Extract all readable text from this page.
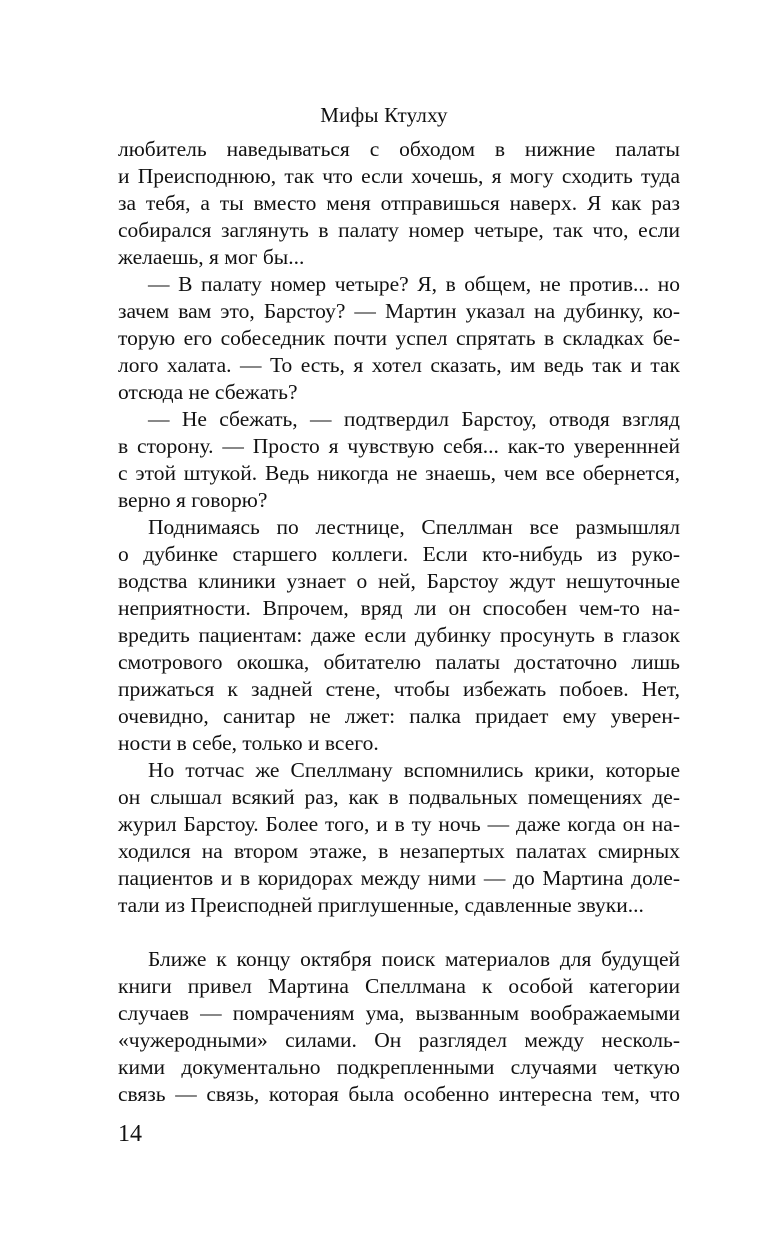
Мифы Ктулху
любитель наведываться с обходом в нижние палаты
и Преисподнюю, так что если хочешь, я могу сходить туда
за тебя, а ты вместо меня отправишься наверх. Я как раз
собирался заглянуть в палату номер четыре, так что, если
желаешь, я мог бы...
— В палату номер четыре? Я, в общем, не против... но
зачем вам это, Барстоу? — Мартин указал на дубинку, ко-
торую его собеседник почти успел спрятать в складках бе-
лого халата. — То есть, я хотел сказать, им ведь так и так
отсюда не сбежать?
— Не сбежать, — подтвердил Барстоу, отводя взгляд
в сторону. — Просто я чувствую себя... как-то увереннней
с этой штукой. Ведь никогда не знаешь, чем все обернется,
верно я говорю?
Поднимаясь по лестнице, Спеллман все размышлял
о дубинке старшего коллеги. Если кто-нибудь из руко-
водства клиники узнает о ней, Барстоу ждут нешуточные
неприятности. Впрочем, вряд ли он способен чем-то на-
вредить пациентам: даже если дубинку просунуть в глазок
смотрового окошка, обитателю палаты достаточно лишь
прижаться к задней стене, чтобы избежать побоев. Нет,
очевидно, санитар не лжет: палка придает ему уверен-
ности в себе, только и всего.
Но тотчас же Спеллману вспомнились крики, которые
он слышал всякий раз, как в подвальных помещениях де-
журил Барстоу. Более того, и в ту ночь — даже когда он на-
ходился на втором этаже, в незапертых палатах смирных
пациентов и в коридорах между ними — до Мартина доле-
тали из Преисподней приглушенные, сдавленные звуки...
Ближе к концу октября поиск материалов для будущей
книги привел Мартина Спеллмана к особой категории
случаев — помрачениям ума, вызванным воображаемыми
«чужеродными» силами. Он разглядел между несколь-
кими документально подкрепленными случаями четкую
связь — связь, которая была особенно интересна тем, что
14
